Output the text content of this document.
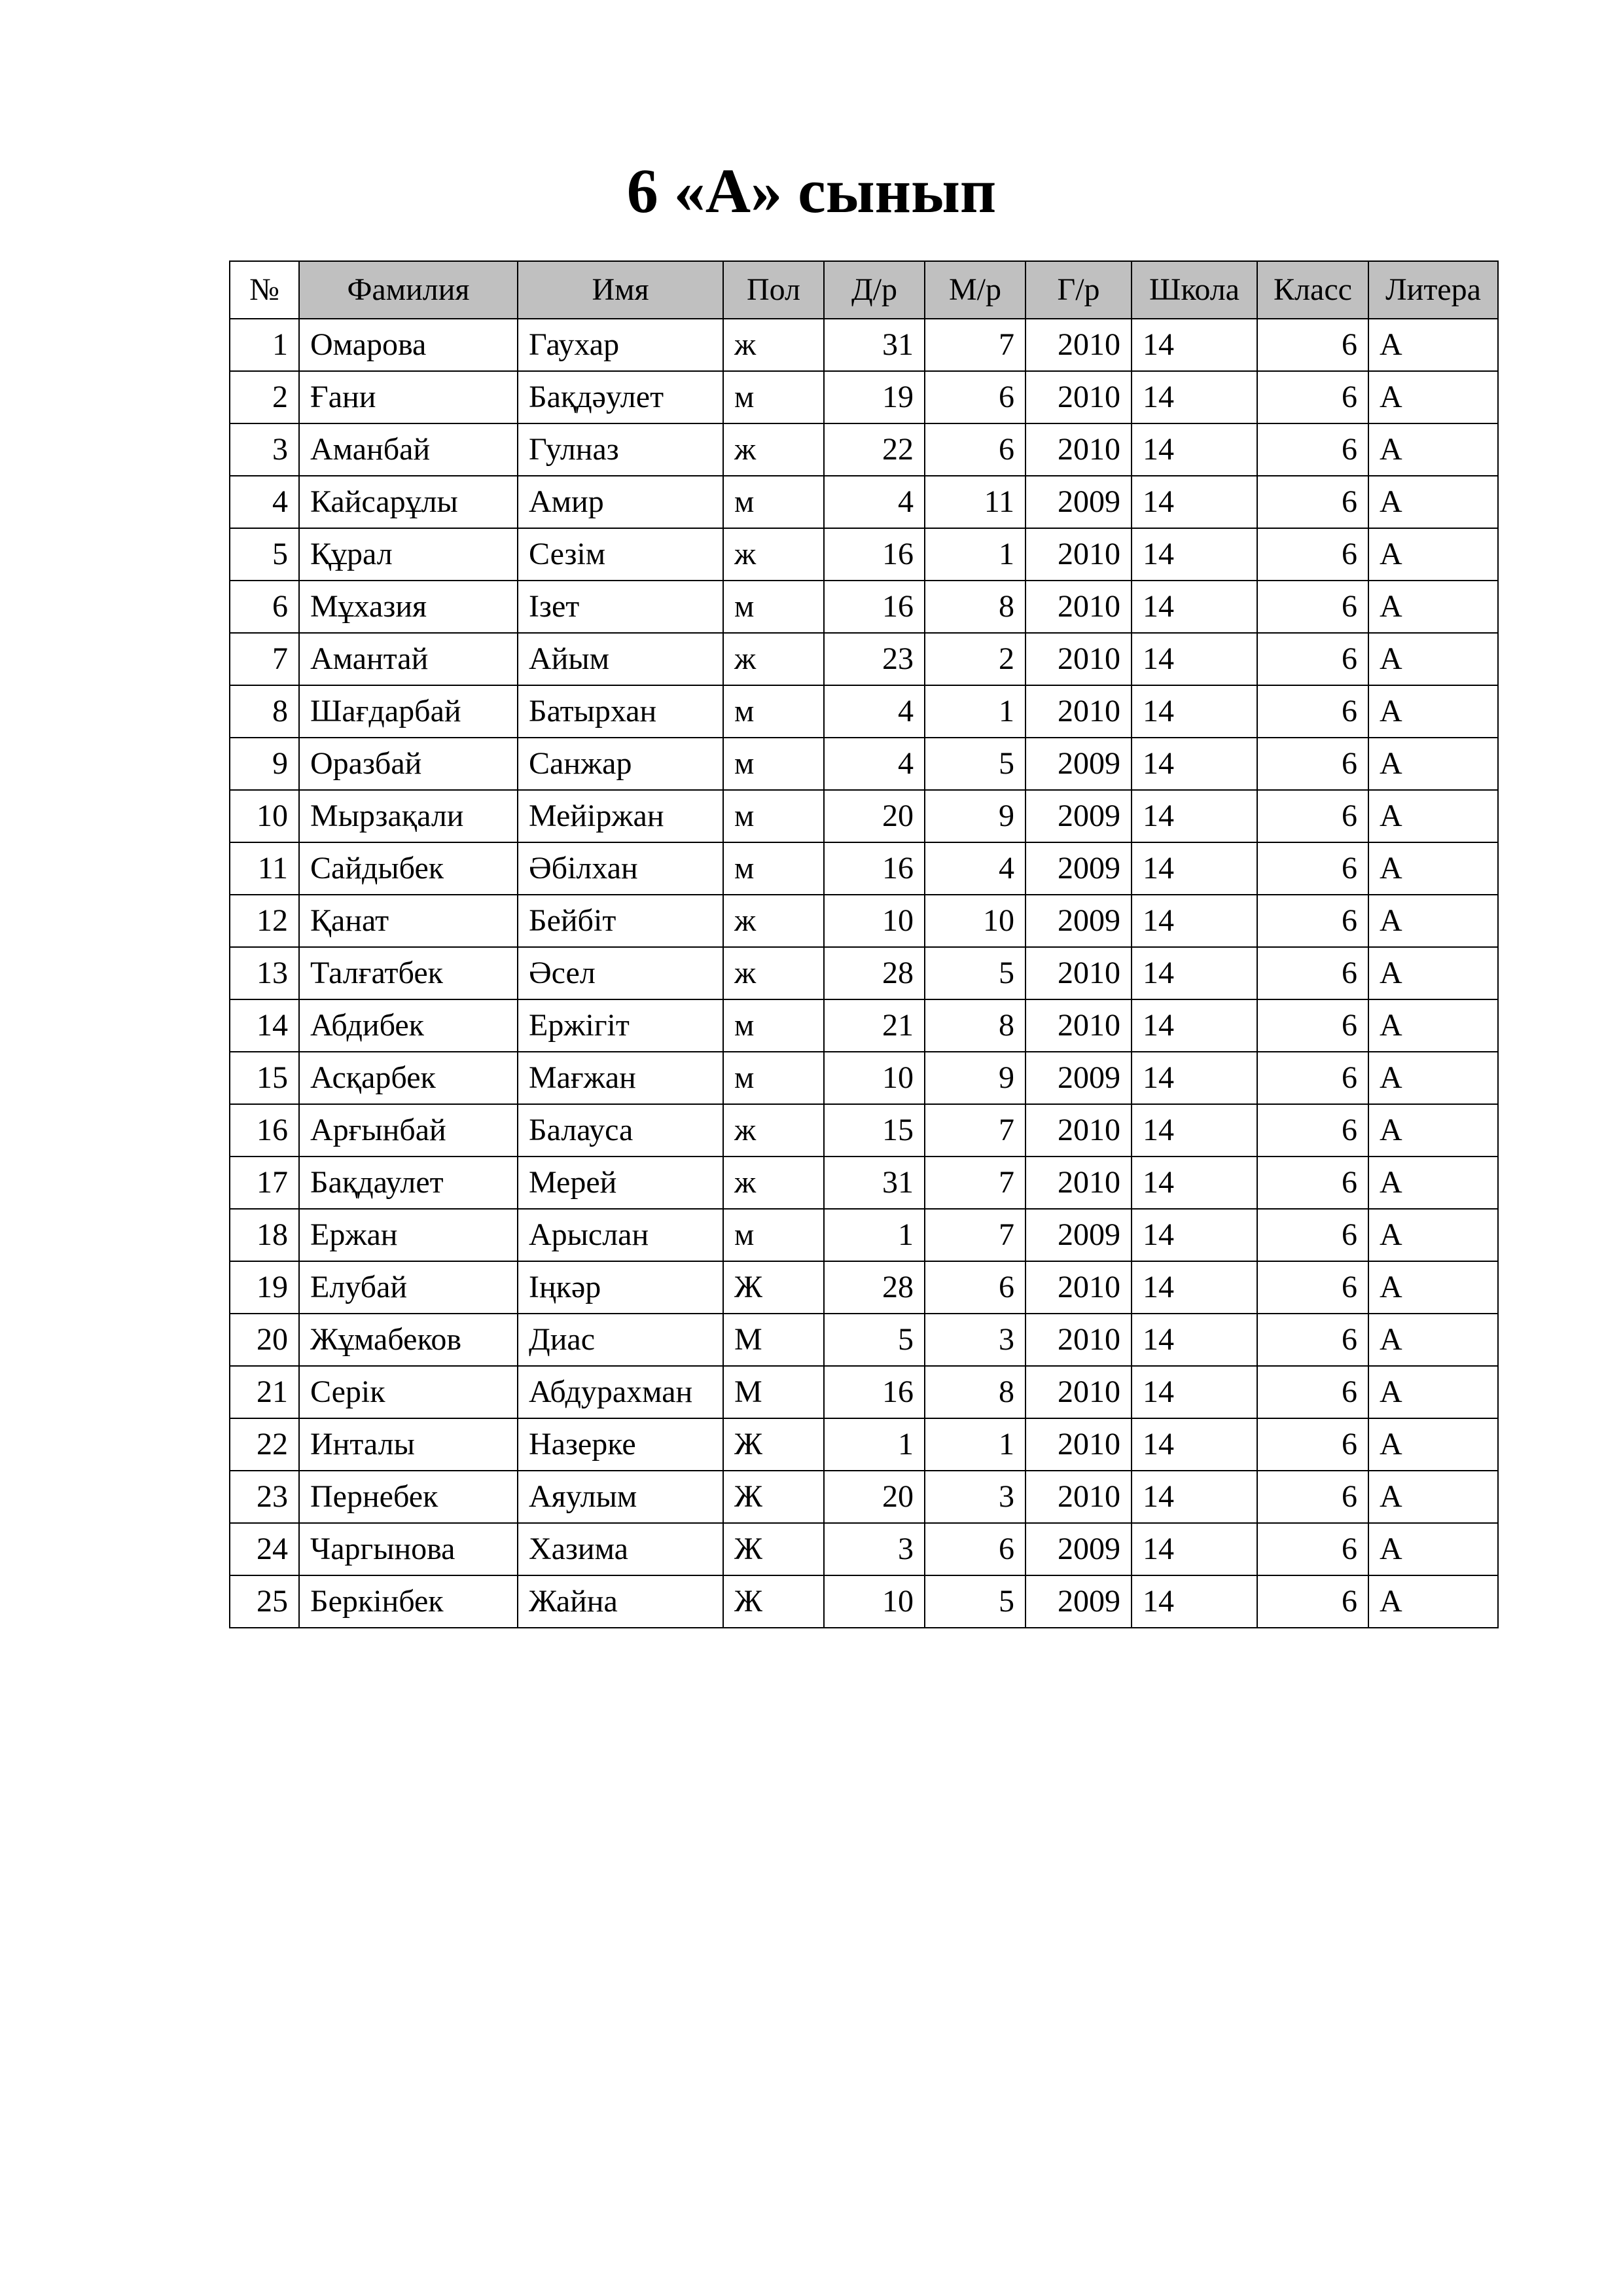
6 «А» сынып
№	Фамилия	Имя	Пол	Д/р	М/р	Г/р	Школа	Класс	Литера
1	Омарова	Гаухар	ж	31	7	2010	14	6	А
2	Ғани	Бақдәулет	м	19	6	2010	14	6	А
3	Аманбай	Гулназ	ж	22	6	2010	14	6	А
4	Кайсарұлы	Амир	м	4	11	2009	14	6	А
5	Құрал	Сезім	ж	16	1	2010	14	6	А
6	Мұхазия	Ізет	м	16	8	2010	14	6	А
7	Амантай	Айым	ж	23	2	2010	14	6	А
8	Шағдарбай	Батырхан	м	4	1	2010	14	6	А
9	Оразбай	Санжар	м	4	5	2009	14	6	А
10	Мырзақали	Мейіржан	м	20	9	2009	14	6	А
11	Сайдыбек	Әбілхан	м	16	4	2009	14	6	А
12	Қанат	Бейбіт	ж	10	10	2009	14	6	А
13	Талғатбек	Әсел	ж	28	5	2010	14	6	А
14	Абдибек	Ержігіт	м	21	8	2010	14	6	А
15	Асқарбек	Мағжан	м	10	9	2009	14	6	А
16	Арғынбай	Балауса	ж	15	7	2010	14	6	А
17	Бақдаулет	Мерей	ж	31	7	2010	14	6	А
18	Ержан	Арыслан	м	1	7	2009	14	6	А
19	Елубай	Іңкәр	Ж	28	6	2010	14	6	А
20	Жұмабеков	Диас	М	5	3	2010	14	6	А
21	Серік	Абдурахман	М	16	8	2010	14	6	А
22	Инталы	Назерке	Ж	1	1	2010	14	6	А
23	Пернебек	Аяулым	Ж	20	3	2010	14	6	А
24	Чаргынова	Хазима	Ж	3	6	2009	14	6	А
25	Беркінбек	Жайна	Ж	10	5	2009	14	6	А
